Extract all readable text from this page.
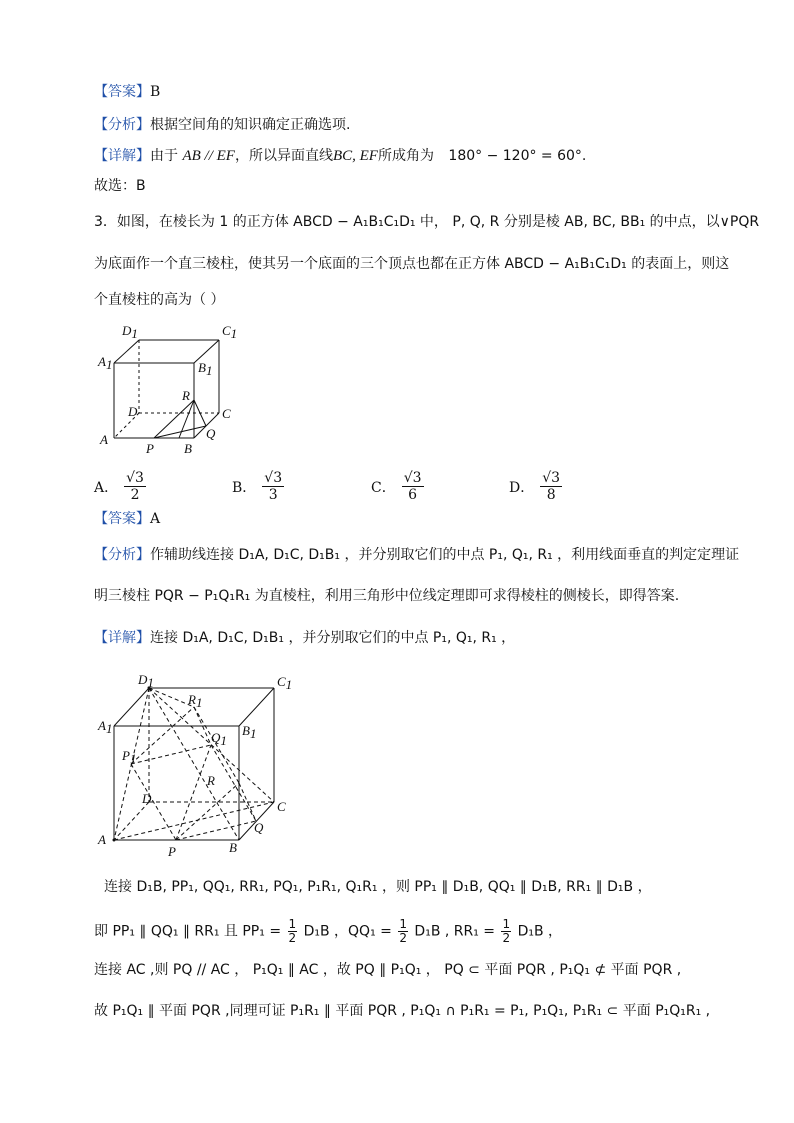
【答案】B
【分析】根据空间角的知识确定正确选项.
【详解】由于 AB // EF，所以异面直线BC, EF所成角为 180° − 120° = 60°.
故选：B
3．如图，在棱长为 1 的正方体 ABCD − A₁B₁C₁D₁ 中， P, Q, R 分别是棱 AB, BC, BB₁ 的中点，以∨PQR
为底面作一个直三棱柱，使其另一个底面的三个顶点也都在正方体 ABCD − A₁B₁C₁D₁ 的表面上，则这
个直棱柱的高为（ ）
D1	C1
A1	B1
R
D	C
A	Q
P B
A． $\frac{√3}{2}$	B． $\frac{√3}{3}$	C． $\frac{√3}{6}$	D． $\frac{√3}{8}$
【答案】A
【分析】作辅助线连接 D₁A, D₁C, D₁B₁ ，并分别取它们的中点 P₁, Q₁, R₁ ，利用线面垂直的判定定理证
明三棱柱 PQR − P₁Q₁R₁ 为直棱柱，利用三角形中位线定理即可求得棱柱的侧棱长，即得答案.
【详解】连接 D₁A, D₁C, D₁B₁ ，并分别取它们的中点 P₁, Q₁, R₁ ，
D1	C1
R1
A1	B1
Q1
P1
R
D
C
A
Q
P	B
连接 D₁B, PP₁, QQ₁, RR₁, PQ₁, P₁R₁, Q₁R₁ ，则 PP₁ ∥ D₁B, QQ₁ ∥ D₁B, RR₁ ∥ D₁B ，
即 PP₁ ∥ QQ₁ ∥ RR₁ 且 $PP_1 = \frac{1}{2} D_1B$ ，$QQ_1 = \frac{1}{2} D_1B$ , $RR_1 = \frac{1}{2} D_1B$ ，
连接 AC ,则 PQ // AC ， P₁Q₁ ∥ AC ，故 PQ ∥ P₁Q₁ ， PQ ⊂ 平面 PQR , P₁Q₁ ⊄ 平面 PQR ,
故 P₁Q₁ ∥ 平面 PQR ,同理可证 P₁R₁ ∥ 平面 PQR , P₁Q₁ ∩ P₁R₁ = P₁, P₁Q₁, P₁R₁ ⊂ 平面 P₁Q₁R₁ ,
